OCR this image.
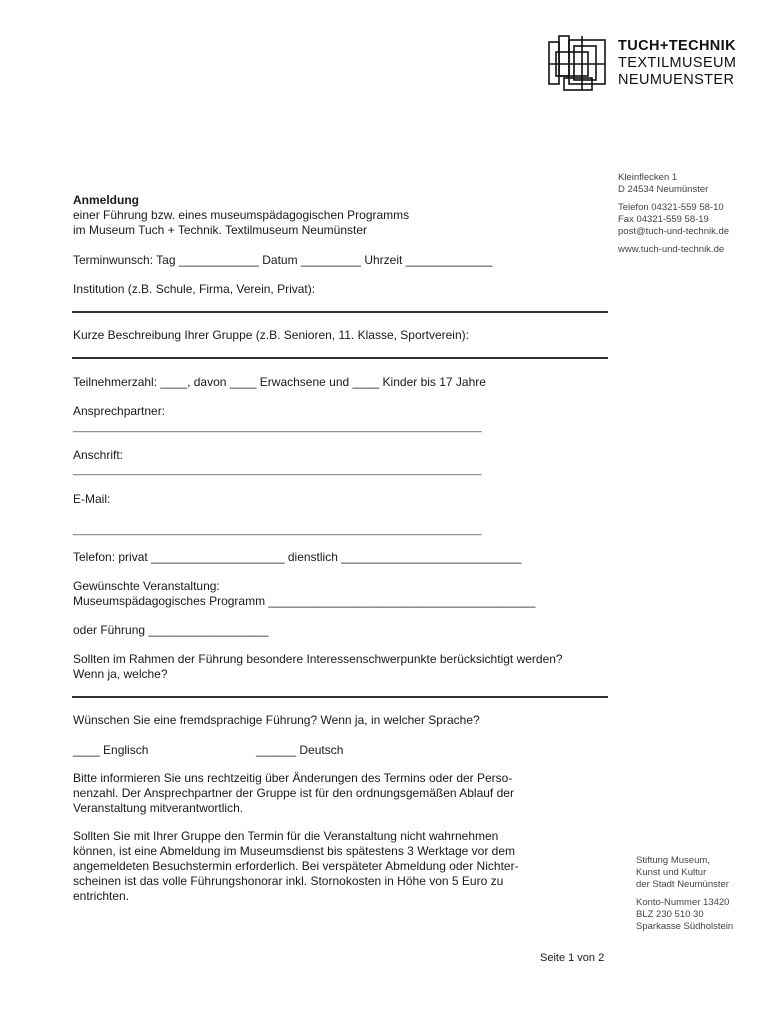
TUCH+TECHNIK
TEXTILMUSEUM
NEUMUENSTER
Kleinflecken 1
D 24534 Neumünster
Telefon 04321-559 58-10
Fax 04321-559 58-19
post@tuch-und-technik.de
www.tuch-und-technik.de
Stiftung Museum,
Kunst und Kultur
der Stadt Neumünster
Konto-Nummer 13420
BLZ 230 510 30
Sparkasse Südholstein
Anmeldung
einer Führung bzw. eines museumspädagogischen Programms
im Museum Tuch + Technik. Textilmuseum Neumünster
Terminwunsch: Tag ____________ Datum _________ Uhrzeit _____________
Institution (z.B. Schule, Firma, Verein, Privat):
Kurze Beschreibung Ihrer Gruppe (z.B. Senioren, 11. Klasse, Sportverein):
Teilnehmerzahl: ____, davon ____ Erwachsene und ____ Kinder bis 17 Jahre
Ansprechpartner:
______________________________________________________________________
Anschrift:
______________________________________________________________________
E-Mail:
______________________________________________________________________
Telefon: privat ____________________ dienstlich ___________________________
Gewünschte Veranstaltung:
Museumspädagogisches Programm ________________________________________
oder Führung __________________
Sollten im Rahmen der Führung besondere Interessenschwerpunkte berücksichtigt werden?
Wenn ja, welche?
Wünschen Sie eine fremdsprachige Führung? Wenn ja, in welcher Sprache?
____ Englisch	______ Deutsch
Bitte informieren Sie uns rechtzeitig über Änderungen des Termins oder der Perso-
nenzahl. Der Ansprechpartner der Gruppe ist für den ordnungsgemäßen Ablauf der
Veranstaltung mitverantwortlich.
Sollten Sie mit Ihrer Gruppe den Termin für die Veranstaltung nicht wahrnehmen
können, ist eine Abmeldung im Museumsdienst bis spätestens 3 Werktage vor dem
angemeldeten Besuchstermin erforderlich. Bei verspäteter Abmeldung oder Nichter-
scheinen ist das volle Führungshonorar inkl. Stornokosten in Höhe von 5 Euro zu
entrichten.
Seite 1 von 2
